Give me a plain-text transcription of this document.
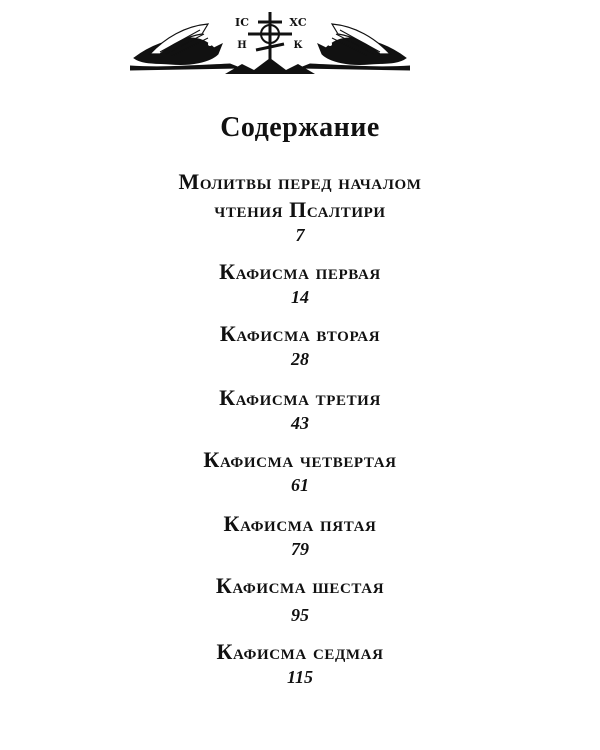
ІС
Н
ХС
К
Содержание
Молитвы перед началом
чтения Псалтири
7
Кафисма первая
14
Кафисма вторая
28
Кафисма третия
43
Кафисма четвертая
61
Кафисма пятая
79
Кафисма шестая
95
Кафисма седмая
115
